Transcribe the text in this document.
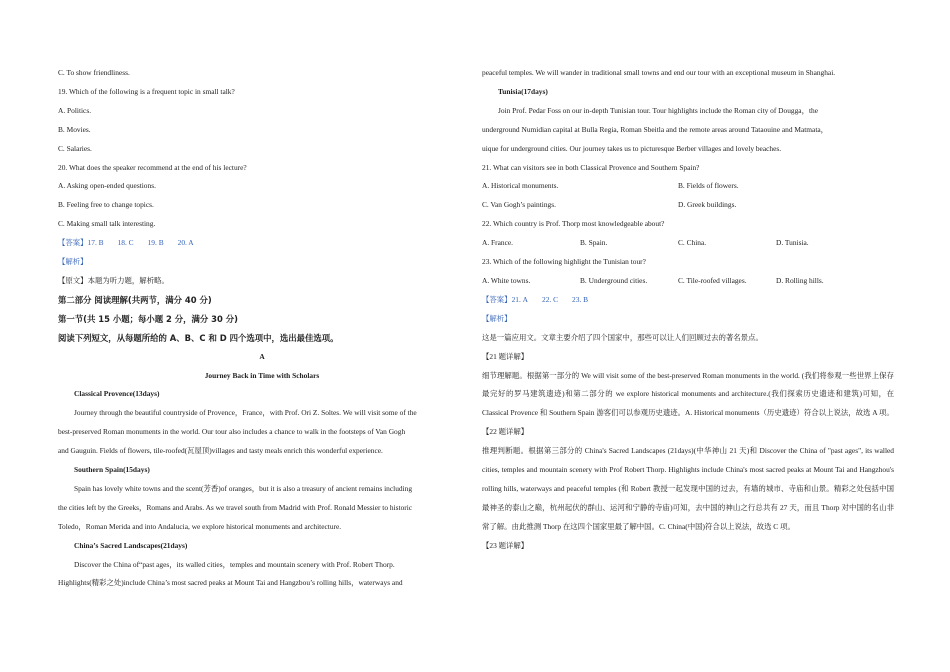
C. To show friendliness.
19. Which of the following is a frequent topic in small talk?
A. Politics.
B. Movies.
C. Salaries.
20. What does the speaker recommend at the end of his lecture?
A. Asking open-ended questions.
B. Feeling free to change topics.
C. Making small talk interesting.
【答案】17. B 18. C 19. B 20. A
【解析】
【原文】本题为听力题，解析略。
第二部分 阅读理解(共两节，满分 40 分)
第一节(共 15 小题；每小题 2 分，满分 30 分)
阅读下列短文，从每题所给的 A、B、C 和 D 四个选项中，选出最佳选项。
A
Journey Back in Time with Scholars
Classical Provence(13days)
Journey through the beautiful countryside of Provence，France，with Prof. Ori Z. Soltes. We will visit some of the
best-preserved Roman monuments in the world. Our tour also includes a chance to walk in the footsteps of Van Gogh
and Gauguin. Fields of flowers, tile-roofed(瓦屋顶)villages and tasty meals enrich this wonderful experience.
Southern Spain(15days)
Spain has lovely white towns and the scent(芳香)of oranges，but it is also a treasury of ancient remains including
the cities left by the Greeks，Romans and Arabs. As we travel south from Madrid with Prof. Ronald Messier to historic
Toledo，Roman Merida and into Andalucia, we explore historical monuments and architecture.
China’s Sacred Landscapes(21days)
Discover the China of“past ages，its walled cities，temples and mountain scenery with Prof. Robert Thorp.
Highlights(精彩之处)include China’s most sacred peaks at Mount Tai and Hangzbou’s rolling hills，waterways and
peaceful temples. We will wander in traditional small towns and end our tour with an exceptional museum in Shanghai.
Tunisia(17days)
Join Prof. Pedar Foss on our in-depth Tunisian tour. Tour highlights include the Roman city of Dougga，the
underground Numidian capital at Bulla Regia, Roman Sbeitla and the remote areas around Tataouine and Matmata，
uique for underground cities. Our journey takes us to picturesque Berber villages and lovely beaches.
21. What can visitors see in both Classical Provence and Southern Spain?
A. Historical monuments.	B. Fields of flowers.
C. Van Gogh’s paintings.	D. Greek buildings.
22. Which country is Prof. Thorp most knowledgeable about?
A. France.	B. Spain.	C. China.	D. Tunisia.
23. Which of the following highlight the Tunisian tour?
A. White towns.	B. Underground cities.	C. Tile-roofed villages.	D. Rolling hills.
【答案】21. A 22. C 23. B
【解析】
这是一篇应用文。文章主要介绍了四个国家中，那些可以让人们回顾过去的著名景点。
【21 题详解】
细节理解题。根据第一部分的 We will visit some of the best-preserved Roman monuments in the world. (我们将参观一些世界上保存最完好的罗马建筑遗迹)和第二部分的 we explore historical monuments and architecture.(我们探索历史遗迹和建筑)可知，在 Classical Provence 和 Southern Spain 游客们可以参观历史遗迹。A. Historical monuments（历史遗迹）符合以上说法，故选 A 项。
【22 题详解】
推理判断题。根据第三部分的 China's Sacred Landscapes (21days)(中华神山 21 天)和 Discover the China of "past ages", its walled cities, temples and mountain scenery with Prof Robert Thorp. Highlights include China's most sacred peaks at Mount Tai and Hangzhou's rolling hills, waterways and peaceful temples (和 Robert 教授一起发现中国的过去，有墙的城市、寺庙和山景。精彩之处包括中国最神圣的泰山之巅，杭州起伏的群山、运河和宁静的寺庙)可知，去中国的神山之行总共有 27 天，而且 Thorp 对中国的名山非常了解。由此推测 Thorp 在这四个国家里最了解中国。C. China(中国)符合以上说法，故选 C 项。
【23 题详解】
